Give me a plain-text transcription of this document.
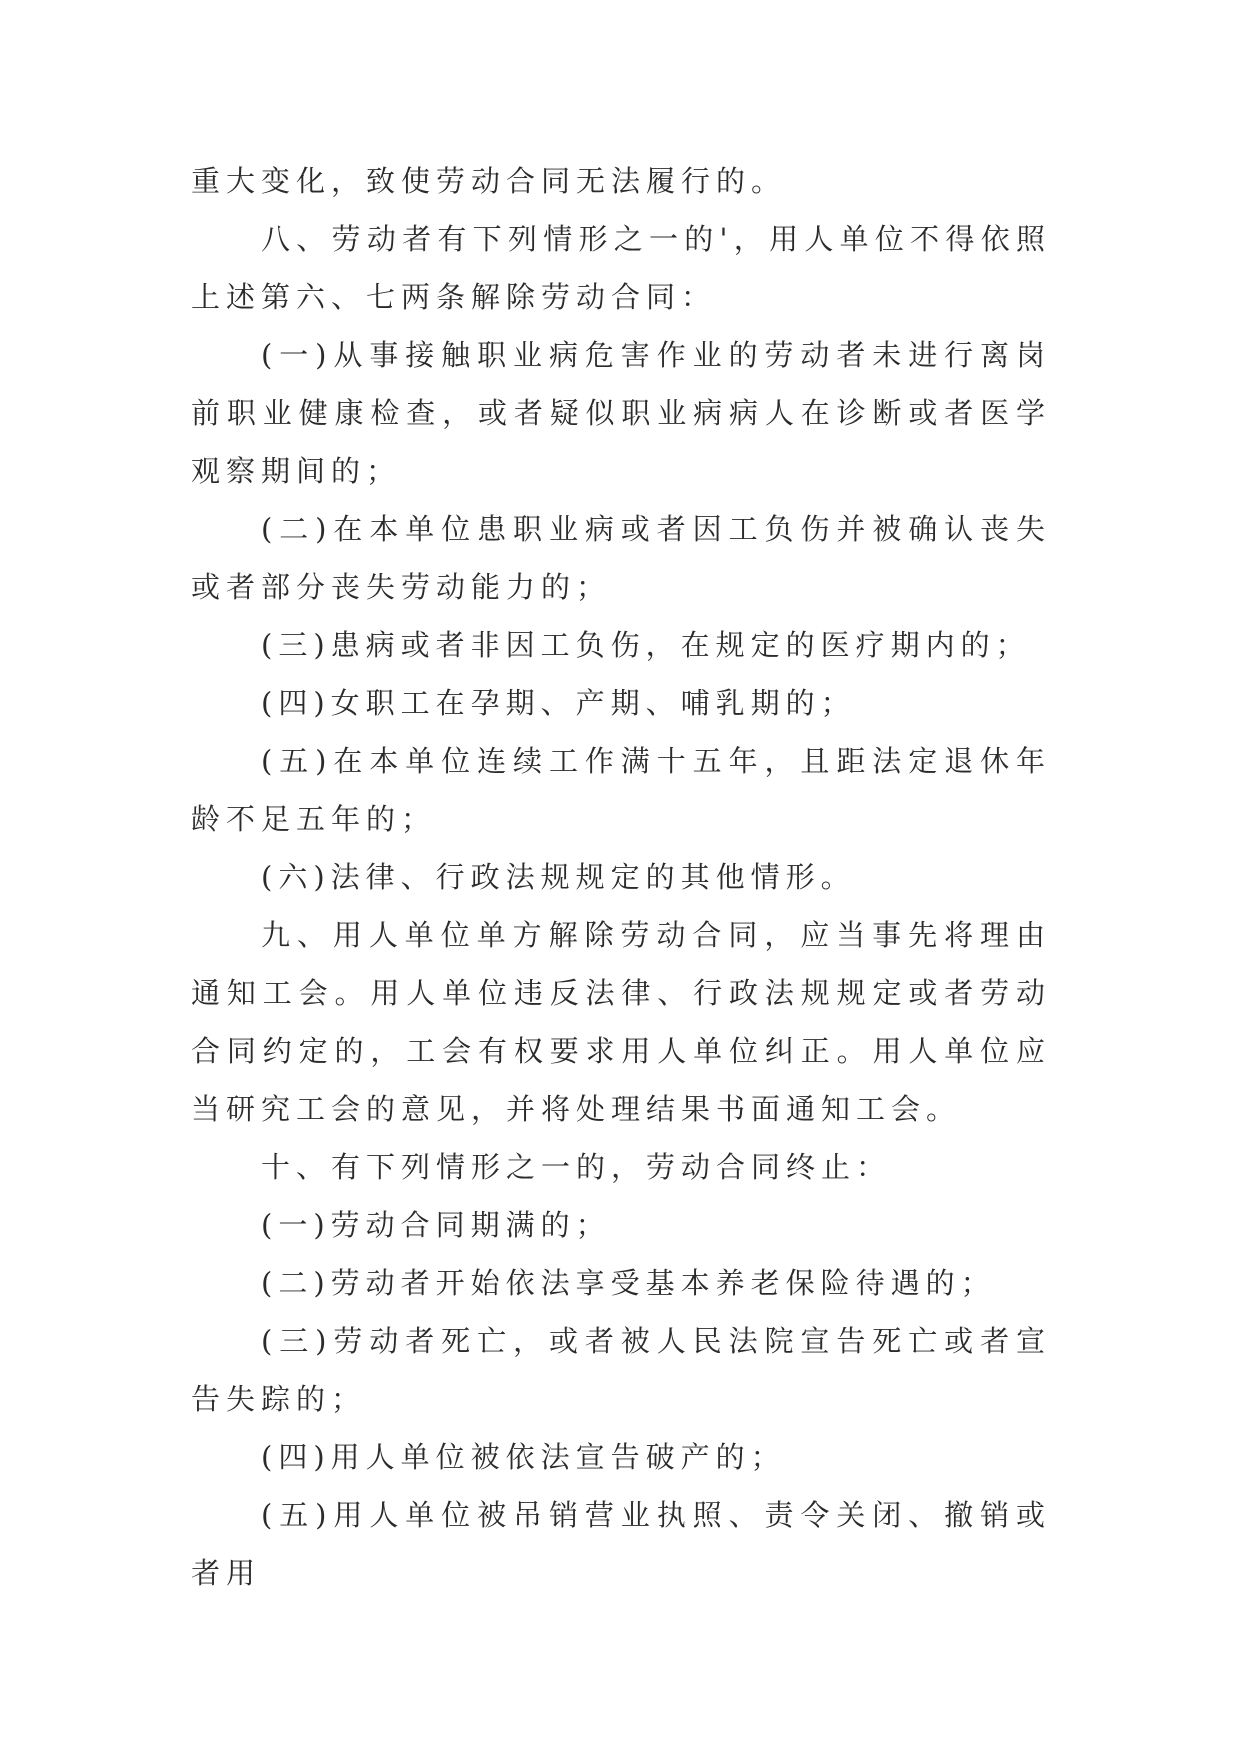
重大变化，致使劳动合同无法履行的。

八、劳动者有下列情形之一的'，用人单位不得依照上述第六、七两条解除劳动合同：

(一)从事接触职业病危害作业的劳动者未进行离岗前职业健康检查，或者疑似职业病病人在诊断或者医学观察期间的；

(二)在本单位患职业病或者因工负伤并被确认丧失或者部分丧失劳动能力的；

(三)患病或者非因工负伤，在规定的医疗期内的；

(四)女职工在孕期、产期、哺乳期的；

(五)在本单位连续工作满十五年，且距法定退休年龄不足五年的；

(六)法律、行政法规规定的其他情形。

九、用人单位单方解除劳动合同，应当事先将理由通知工会。用人单位违反法律、行政法规规定或者劳动合同约定的，工会有权要求用人单位纠正。用人单位应当研究工会的意见，并将处理结果书面通知工会。

十、有下列情形之一的，劳动合同终止：

(一)劳动合同期满的；

(二)劳动者开始依法享受基本养老保险待遇的；

(三)劳动者死亡，或者被人民法院宣告死亡或者宣告失踪的；

(四)用人单位被依法宣告破产的；

(五)用人单位被吊销营业执照、责令关闭、撤销或者用
